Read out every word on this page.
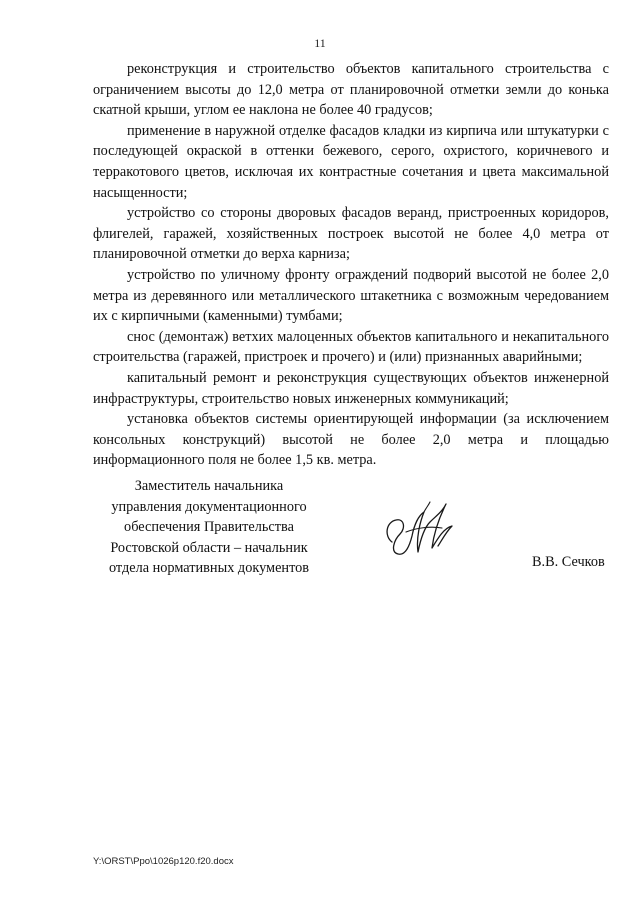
11

реконструкция и строительство объектов капитального строительства с ограничением высоты до 12,0 метра от планировочной отметки земли до конька скатной крыши, углом ее наклона не более 40 градусов;

применение в наружной отделке фасадов кладки из кирпича или штукатурки с последующей окраской в оттенки бежевого, серого, охристого, коричневого и терракотового цветов, исключая их контрастные сочетания и цвета максимальной насыщенности;

устройство со стороны дворовых фасадов веранд, пристроенных коридоров, флигелей, гаражей, хозяйственных построек высотой не более 4,0 метра от планировочной отметки до верха карниза;

устройство по уличному фронту ограждений подворий высотой не более 2,0 метра из деревянного или металлического штакетника с возможным чередованием их с кирпичными (каменными) тумбами;

снос (демонтаж) ветхих малоценных объектов капитального и некапитального строительства (гаражей, пристроек и прочего) и (или) признанных аварийными;

капитальный ремонт и реконструкция существующих объектов инженерной инфраструктуры, строительство новых инженерных коммуникаций;

установка объектов системы ориентирующей информации (за исключением консольных конструкций) высотой не более 2,0 метра и площадью информационного поля не более 1,5 кв. метра.

Заместитель начальника
управления документационного
обеспечения Правительства
Ростовской области – начальник
отдела нормативных документов	В.В. Сечков
Y:\ORST\Ppo\1026p120.f20.docx
